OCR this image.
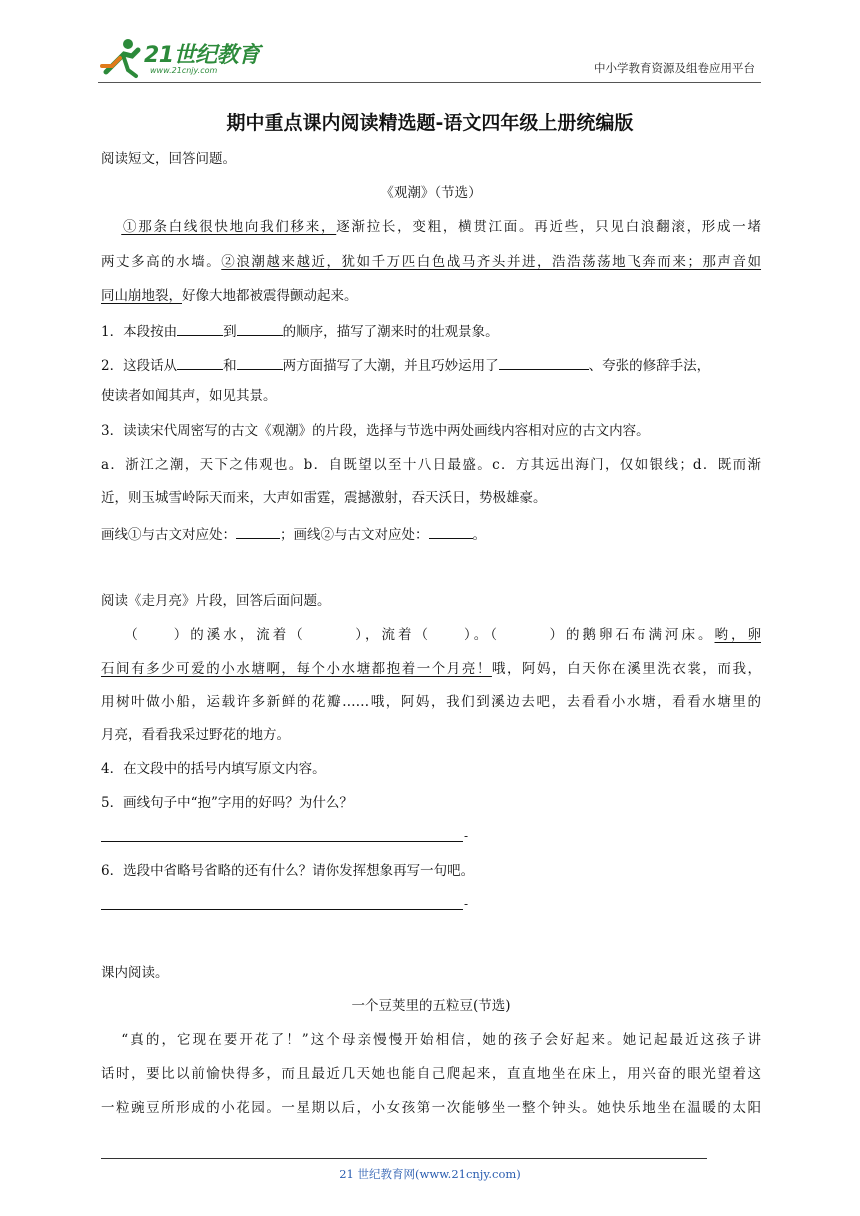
21世纪教育
www.21cnjy.com	中小学教育资源及组卷应用平台
期中重点课内阅读精选题-语文四年级上册统编版
阅读短文，回答问题。
《观潮》（节选）
  ①那条白线很快地向我们移来，逐渐拉长，变粗，横贯江面。再近些，只见白浪翻滚，形成一堵
两丈多高的水墙。②浪潮越来越近，犹如千万匹白色战马齐头并进，浩浩荡荡地飞奔而来；那声音如
同山崩地裂，好像大地都被震得颤动起来。
1．本段按由	到	的顺序，描写了潮来时的壮观景象。
2．这段话从	和	两方面描写了大潮，并且巧妙运用了	、夸张的修辞手法，
使读者如闻其声，如见其景。
3．读读宋代周密写的古文《观潮》的片段，选择与节选中两处画线内容相对应的古文内容。
a．浙江之潮，天下之伟观也。b．自既望以至十八日最盛。c．方其远出海门，仅如银线；d．既而渐
近，则玉城雪岭际天而来，大声如雷霆，震撼激射，吞天沃日，势极雄豪。
画线①与古文对应处：	；画线②与古文对应处：	。
阅读《走月亮》片段，回答后面问题。
  （　　）的溪水，流着（　　　），流着（　　）。（　　　）的鹅卵石布满河床。哟，卵
石间有多少可爱的小水塘啊，每个小水塘都抱着一个月亮！哦，阿妈，白天你在溪里洗衣裳，而我，
用树叶做小船，运载许多新鲜的花瓣……哦，阿妈，我们到溪边去吧，去看看小水塘，看看水塘里的
月亮，看看我采过野花的地方。
4．在文段中的括号内填写原文内容。
5．画线句子中“抱”字用的好吗？为什么？
-
6．选段中省略号省略的还有什么？请你发挥想象再写一句吧。
-
课内阅读。
一个豆荚里的五粒豆(节选)
  “真的，它现在要开花了！”这个母亲慢慢开始相信，她的孩子会好起来。她记起最近这孩子讲
话时，要比以前愉快得多，而且最近几天她也能自己爬起来，直直地坐在床上，用兴奋的眼光望着这
一粒豌豆所形成的小花园。一星期以后，小女孩第一次能够坐一整个钟头。她快乐地坐在温暖的太阳
21 世纪教育网(www.21cnjy.com)
